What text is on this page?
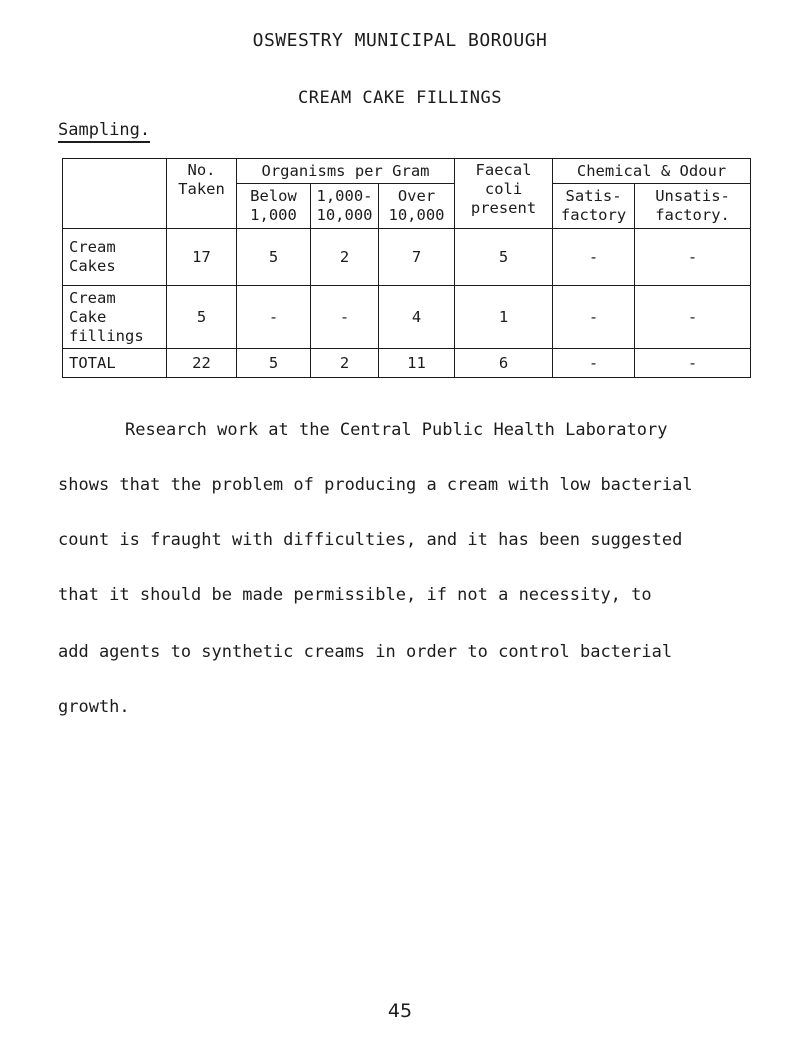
OSWESTRY MUNICIPAL BOROUGH
CREAM CAKE FILLINGS
Sampling.
	No. Taken	Organisms per Gram			Faecal coli present	Chemical & Odour	
		Below 1,000	1,000- 10,000	Over 10,000		Satis- factory	Unsatis- factory.
Cream Cakes	17	5	2	7	5	-	-
Cream Cake fillings	5	-	-	4	1	-	-
TOTAL	22	5	2	11	6	-	-
Research work at the Central Public Health Laboratory
shows that the problem of producing a cream with low bacterial
count is fraught with difficulties, and it has been suggested
that it should be made permissible, if not a necessity, to
add agents to synthetic creams in order to control bacterial
growth.
45
